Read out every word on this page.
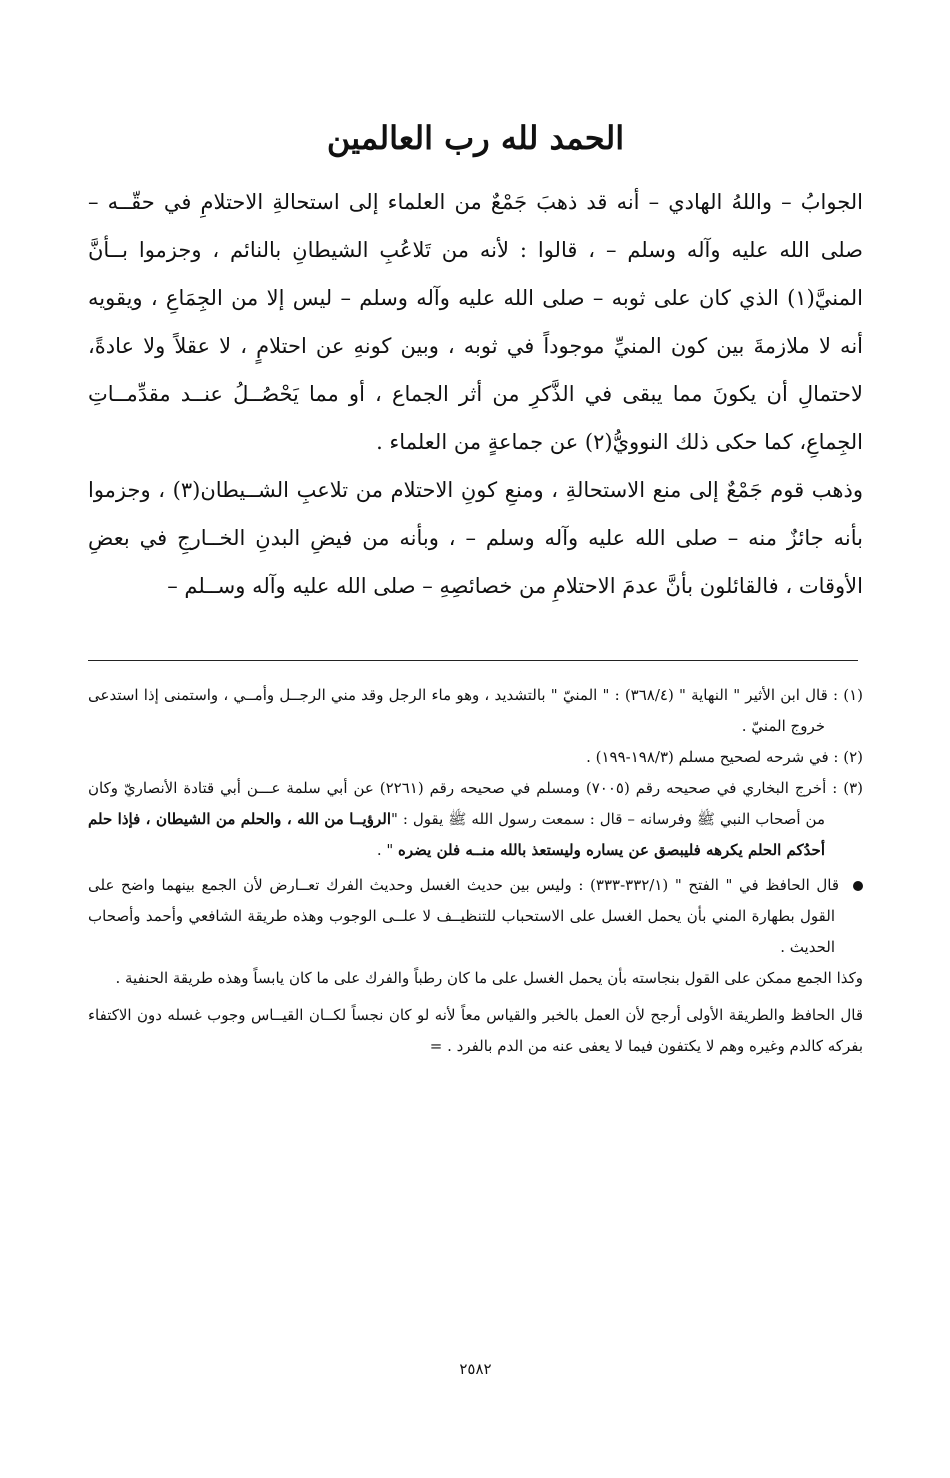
الحمد لله رب العالمين

الجوابُ – واللهُ الهادي – أنه قد ذهبَ جَمْعٌ من العلماء إلى استحالةِ الاحتلامِ في حقّــه – صلى الله عليه وآله وسلم – ، قالوا : لأنه من تَلاعُبِ الشيطانِ بالنائم ، وجزموا بــأنَّ المنيَّ(١) الذي كان على ثوبه – صلى الله عليه وآله وسلم – ليس إلا من الجِمَاعِ ، ويقويه أنه لا ملازمةَ بين كون المنيِّ موجوداً في ثوبه ، وبين كونهِ عن احتلامٍ ، لا عقلاً ولا عادةً، لاحتمالِ أن يكونَ مما يبقى في الذَّكرِ من أثر الجماع ، أو مما يَحْصُــلُ عنــد مقدِّمــاتِ الجِماعِ، كما حكى ذلك النوويُّ(٢) عن جماعةٍ من العلماء .

وذهب قوم جَمْعٌ إلى منع الاستحالةِ ، ومنعِ كونِ الاحتلام من تلاعبِ الشــيطان(٣) ، وجزموا بأنه جائزٌ منه – صلى الله عليه وآله وسلم – ، وبأنه من فيضِ البدنِ الخــارجِ في بعضِ الأوقات ، فالقائلون بأنَّ عدمَ الاحتلامِ من خصائصِهِ – صلى الله عليه وآله وســلم –

(١) : قال ابن الأثير " النهاية " (٣٦٨/٤) : " المنيّ " بالتشديد ، وهو ماء الرجل وقد مني الرجــل وأمــي ، واستمنى إذا استدعى خروج المنيّ .

(٢) : في شرحه لصحيح مسلم (١٩٨/٣-١٩٩) .

(٣) : أخرج البخاري في صحيحه رقم (٧٠٠٥) ومسلم في صحيحه رقم (٢٢٦١) عن أبي سلمة عـــن أبي قتادة الأنصاريّ وكان من أصحاب النبي ﷺ وفرسانه – قال : سمعت رسول الله ﷺ يقول : "الرؤيــا من الله ، والحلم من الشيطان ، فإذا حلم أحدُكم الحلم يكرهه فليبصق عن يساره وليستعذ بالله منــه فلن يضره " .

قال الحافظ في " الفتح " (٣٣٢/١-٣٣٣) : وليس بين حديث الغسل وحديث الفرك تعــارض لأن الجمع بينهما واضح على القول بطهارة المني بأن يحمل الغسل على الاستحباب للتنظيــف لا علــى الوجوب وهذه طريقة الشافعي وأحمد وأصحاب الحديث .

وكذا الجمع ممكن على القول بنجاسته بأن يحمل الغسل على ما كان رطباً والفرك على ما كان يابساً وهذه طريقة الحنفية .

قال الحافظ والطريقة الأولى أرجح لأن العمل بالخبر والقياس معاً لأنه لو كان نجساً لكــان القيــاس وجوب غسله دون الاكتفاء بفركه كالدم وغيره وهم لا يكتفون فيما لا يعفى عنه من الدم بالفرد . =

٢٥٨٢
